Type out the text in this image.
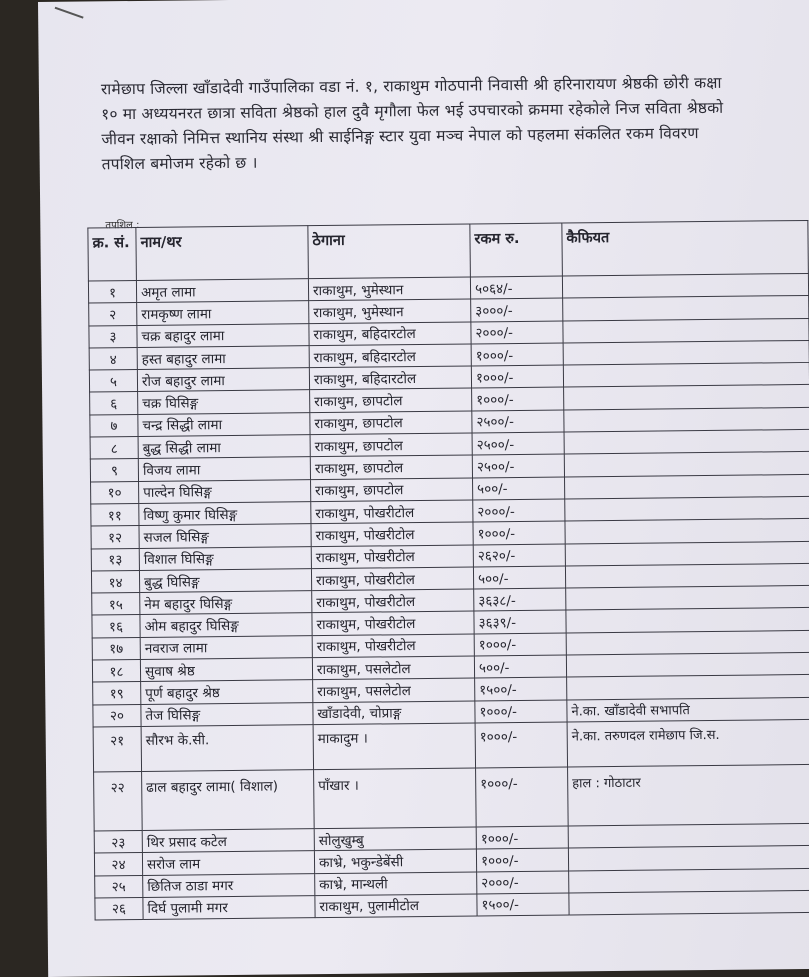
रामेछाप जिल्ला खाँडादेवी गाउँपालिका वडा नं. १, राकाथुम गोठपानी निवासी श्री हरिनारायण श्रेष्ठकी छोरी कक्षा १० मा अध्ययनरत छात्रा सविता श्रेष्ठको हाल दुवै मृगौला फेल भई उपचारको क्रममा रहेकोले निज सविता श्रेष्ठको जीवन रक्षाको निमित्त स्थानिय संस्था श्री साईनिङ्ग स्टार युवा मञ्च नेपाल को पहलमा संकलित रकम विवरण तपशिल बमोजम रहेको छ ।
तपशिल :
क्र. सं.	नाम/थर	ठेगाना	रकम रु.	कैफियत
१	अमृत लामा	राकाथुम, भुमेस्थान	५०६४/-	
२	रामकृष्ण लामा	राकाथुम, भुमेस्थान	३०००/-	
३	चक्र बहादुर लामा	राकाथुम, बहिदारटोल	२०००/-	
४	हस्त बहादुर लामा	राकाथुम, बहिदारटोल	१०००/-	
५	रोज बहादुर लामा	राकाथुम, बहिदारटोल	१०००/-	
६	चक्र घिसिङ्ग	राकाथुम, छापटोल	१०००/-	
७	चन्द्र सिद्धी लामा	राकाथुम, छापटोल	२५००/-	
८	बुद्ध सिद्धी लामा	राकाथुम, छापटोल	२५००/-	
९	विजय लामा	राकाथुम, छापटोल	२५००/-	
१०	पाल्देन घिसिङ्ग	राकाथुम, छापटोल	५००/-	
११	विष्णु कुमार घिसिङ्ग	राकाथुम, पोखरीटोल	२०००/-	
१२	सजल घिसिङ्ग	राकाथुम, पोखरीटोल	१०००/-	
१३	विशाल घिसिङ्ग	राकाथुम, पोखरीटोल	२६२०/-	
१४	बुद्ध घिसिङ्ग	राकाथुम, पोखरीटोल	५००/-	
१५	नेम बहादुर घिसिङ्ग	राकाथुम, पोखरीटोल	३६३८/-	
१६	ओम बहादुर घिसिङ्ग	राकाथुम, पोखरीटोल	३६३९/-	
१७	नवराज लामा	राकाथुम, पोखरीटोल	१०००/-	
१८	सुवाष श्रेष्ठ	राकाथुम, पसलेटोल	५००/-	
१९	पूर्ण बहादुर श्रेष्ठ	राकाथुम, पसलेटोल	१५००/-	
२०	तेज घिसिङ्ग	खाँडादेवी, चोप्राङ्ग	१०००/-	ने.का. खाँडादेवी सभापति
२१	सौरभ के.सी.	माकादुम ।	१०००/-	ने.का. तरुणदल रामेछाप जि.स.
२२	ढाल बहादुर लामा( विशाल)	पाँखार ।	१०००/-	हाल : गोठाटार
२३	थिर प्रसाद कटेल	सोलुखुम्बु	१०००/-	
२४	सरोज लाम	काभ्रे, भकुन्डेबेंसी	१०००/-	
२५	छितिज ठाडा मगर	काभ्रे, मान्थली	२०००/-	
२६	दिर्घ पुलामी मगर	राकाथुम, पुलामीटोल	१५००/-	
